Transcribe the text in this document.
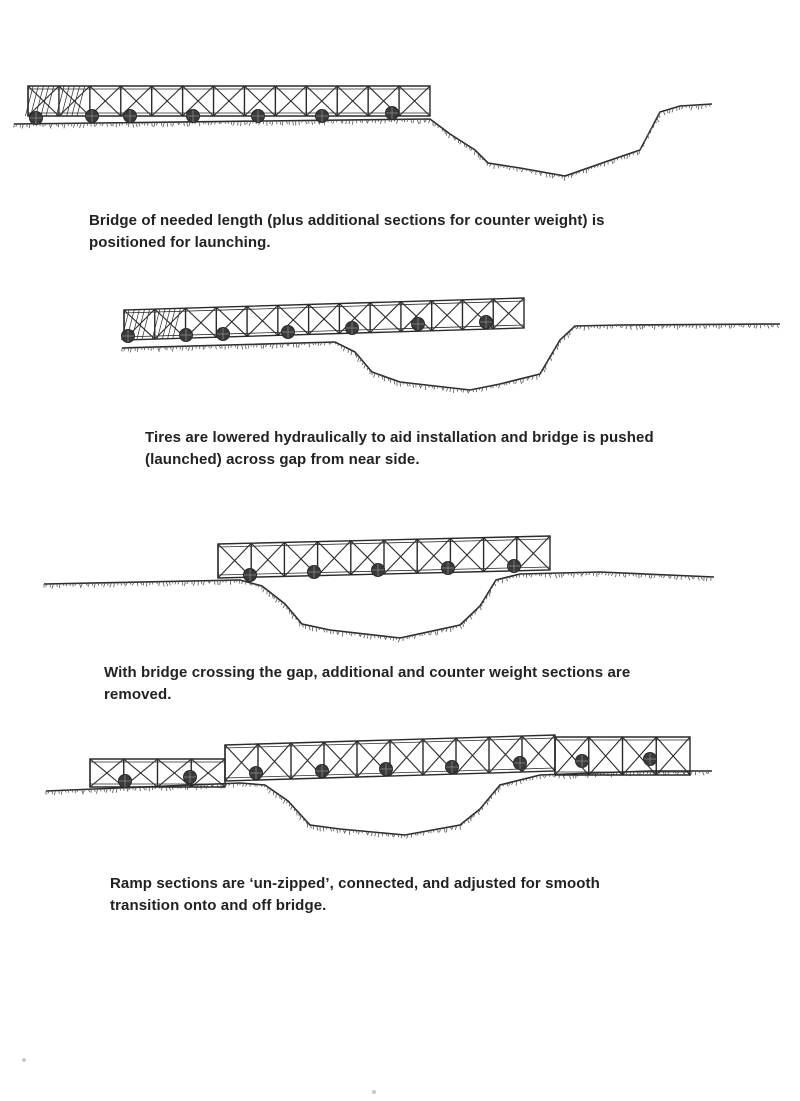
Bridge of needed length (plus additional sections for counter weight) is
positioned for launching.

Tires are lowered hydraulically to aid installation and bridge is pushed
(launched) across gap from near side.

With bridge crossing the gap, additional and counter weight sections are
removed.

Ramp sections are ‘un-zipped’, connected, and adjusted for smooth
transition onto and off bridge.
